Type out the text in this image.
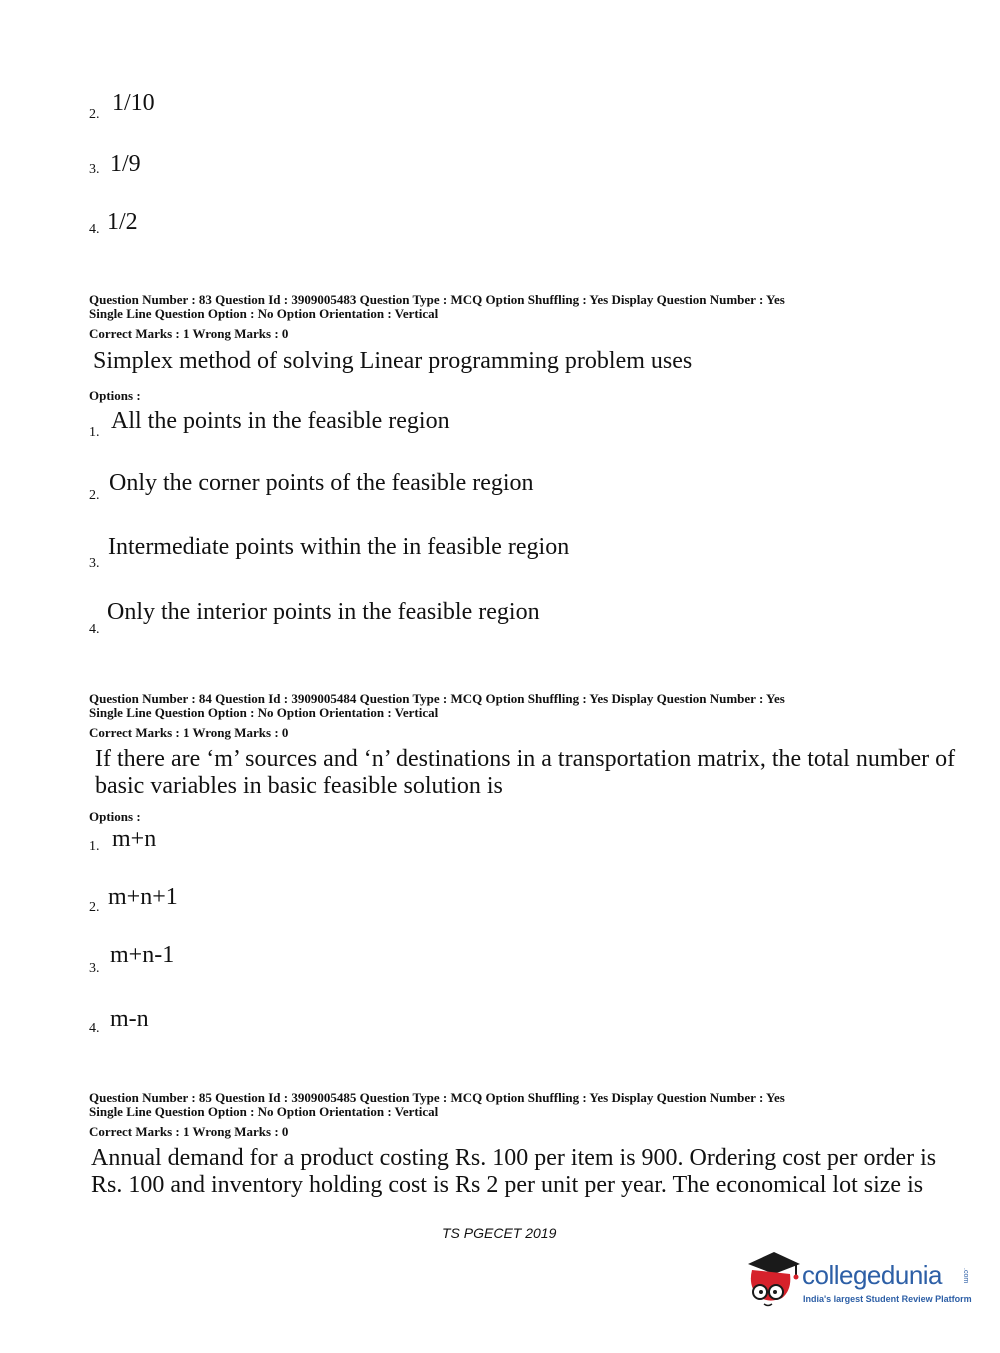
2. 1/10
3. 1/9
4. 1/2
Question Number : 83 Question Id : 3909005483 Question Type : MCQ Option Shuffling : Yes Display Question Number : Yes
Single Line Question Option : No Option Orientation : Vertical
Correct Marks : 1 Wrong Marks : 0
Simplex method of solving Linear programming problem uses
Options :
1. All the points in the feasible region
2. Only the corner points of the feasible region
3.
Intermediate points within the in feasible region
4.
Only the interior points in the feasible region
Question Number : 84 Question Id : 3909005484 Question Type : MCQ Option Shuffling : Yes Display Question Number : Yes
Single Line Question Option : No Option Orientation : Vertical
Correct Marks : 1 Wrong Marks : 0
If there are ‘m’ sources and ‘n’ destinations in a transportation matrix, the total number of
basic variables in basic feasible solution is
Options :
1. m+n
2. m+n+1
3.
m+n-1
4. m-n
Question Number : 85 Question Id : 3909005485 Question Type : MCQ Option Shuffling : Yes Display Question Number : Yes
Single Line Question Option : No Option Orientation : Vertical
Correct Marks : 1 Wrong Marks : 0
Annual demand for a product costing Rs. 100 per item is 900. Ordering cost per order is
Rs. 100 and inventory holding cost is Rs 2 per unit per year. The economical lot size is
TS PGECET 2019
collegedunia	.com
India's largest Student Review Platform
